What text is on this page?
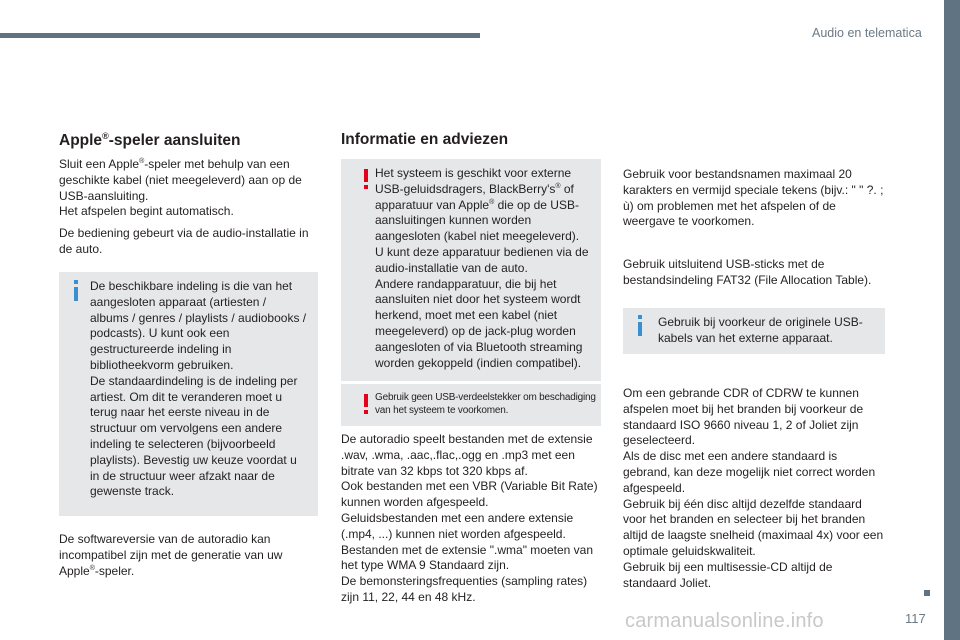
Audio en telematica
117
Apple®-speler aansluiten
Sluit een Apple®-speler met behulp van een geschikte kabel (niet meegeleverd) aan op de USB-aansluiting.
Het afspelen begint automatisch.
De bediening gebeurt via de audio-installatie in de auto.
De beschikbare indeling is die van het aangesloten apparaat (artiesten / albums / genres / playlists / audiobooks / podcasts). U kunt ook een gestructureerde indeling in bibliotheekvorm gebruiken.
De standaardindeling is de indeling per artiest. Om dit te veranderen moet u terug naar het eerste niveau in de structuur om vervolgens een andere indeling te selecteren (bijvoorbeeld playlists). Bevestig uw keuze voordat u in de structuur weer afzakt naar de gewenste track.
De softwareversie van de autoradio kan incompatibel zijn met de generatie van uw Apple®-speler.
Informatie en adviezen
Het systeem is geschikt voor externe USB-geluidsdragers, BlackBerry's® of apparatuur van Apple® die op de USB-aansluitingen kunnen worden aangesloten (kabel niet meegeleverd).
U kunt deze apparatuur bedienen via de audio-installatie van de auto.
Andere randapparatuur, die bij het aansluiten niet door het systeem wordt herkend, moet met een kabel (niet meegeleverd) op de jack-plug worden aangesloten of via Bluetooth streaming worden gekoppeld (indien compatibel).
Gebruik geen USB-verdeelstekker om beschadiging van het systeem te voorkomen.
De autoradio speelt bestanden met de extensie .wav, .wma, .aac,.flac,.ogg en .mp3 met een bitrate van 32 kbps tot 320 kbps af.
Ook bestanden met een VBR (Variable Bit Rate) kunnen worden afgespeeld.
Geluidsbestanden met een andere extensie (.mp4, ...) kunnen niet worden afgespeeld.
Bestanden met de extensie ".wma" moeten van het type WMA 9 Standaard zijn.
De bemonsteringsfrequenties (sampling rates) zijn 11, 22, 44 en 48 kHz.
Gebruik voor bestandsnamen maximaal 20 karakters en vermijd speciale tekens (bijv.: " " ?. ; ù) om problemen met het afspelen of de weergave te voorkomen.
Gebruik uitsluitend USB-sticks met de bestandsindeling FAT32 (File Allocation Table).
Gebruik bij voorkeur de originele USB-kabels van het externe apparaat.
Om een gebrande CDR of CDRW te kunnen afspelen moet bij het branden bij voorkeur de standaard ISO 9660 niveau 1, 2 of Joliet zijn geselecteerd.
Als de disc met een andere standaard is gebrand, kan deze mogelijk niet correct worden afgespeeld.
Gebruik bij één disc altijd dezelfde standaard voor het branden en selecteer bij het branden altijd de laagste snelheid (maximaal 4x) voor een optimale geluidskwaliteit.
Gebruik bij een multisessie-CD altijd de standaard Joliet.
carmanualsonline.info
